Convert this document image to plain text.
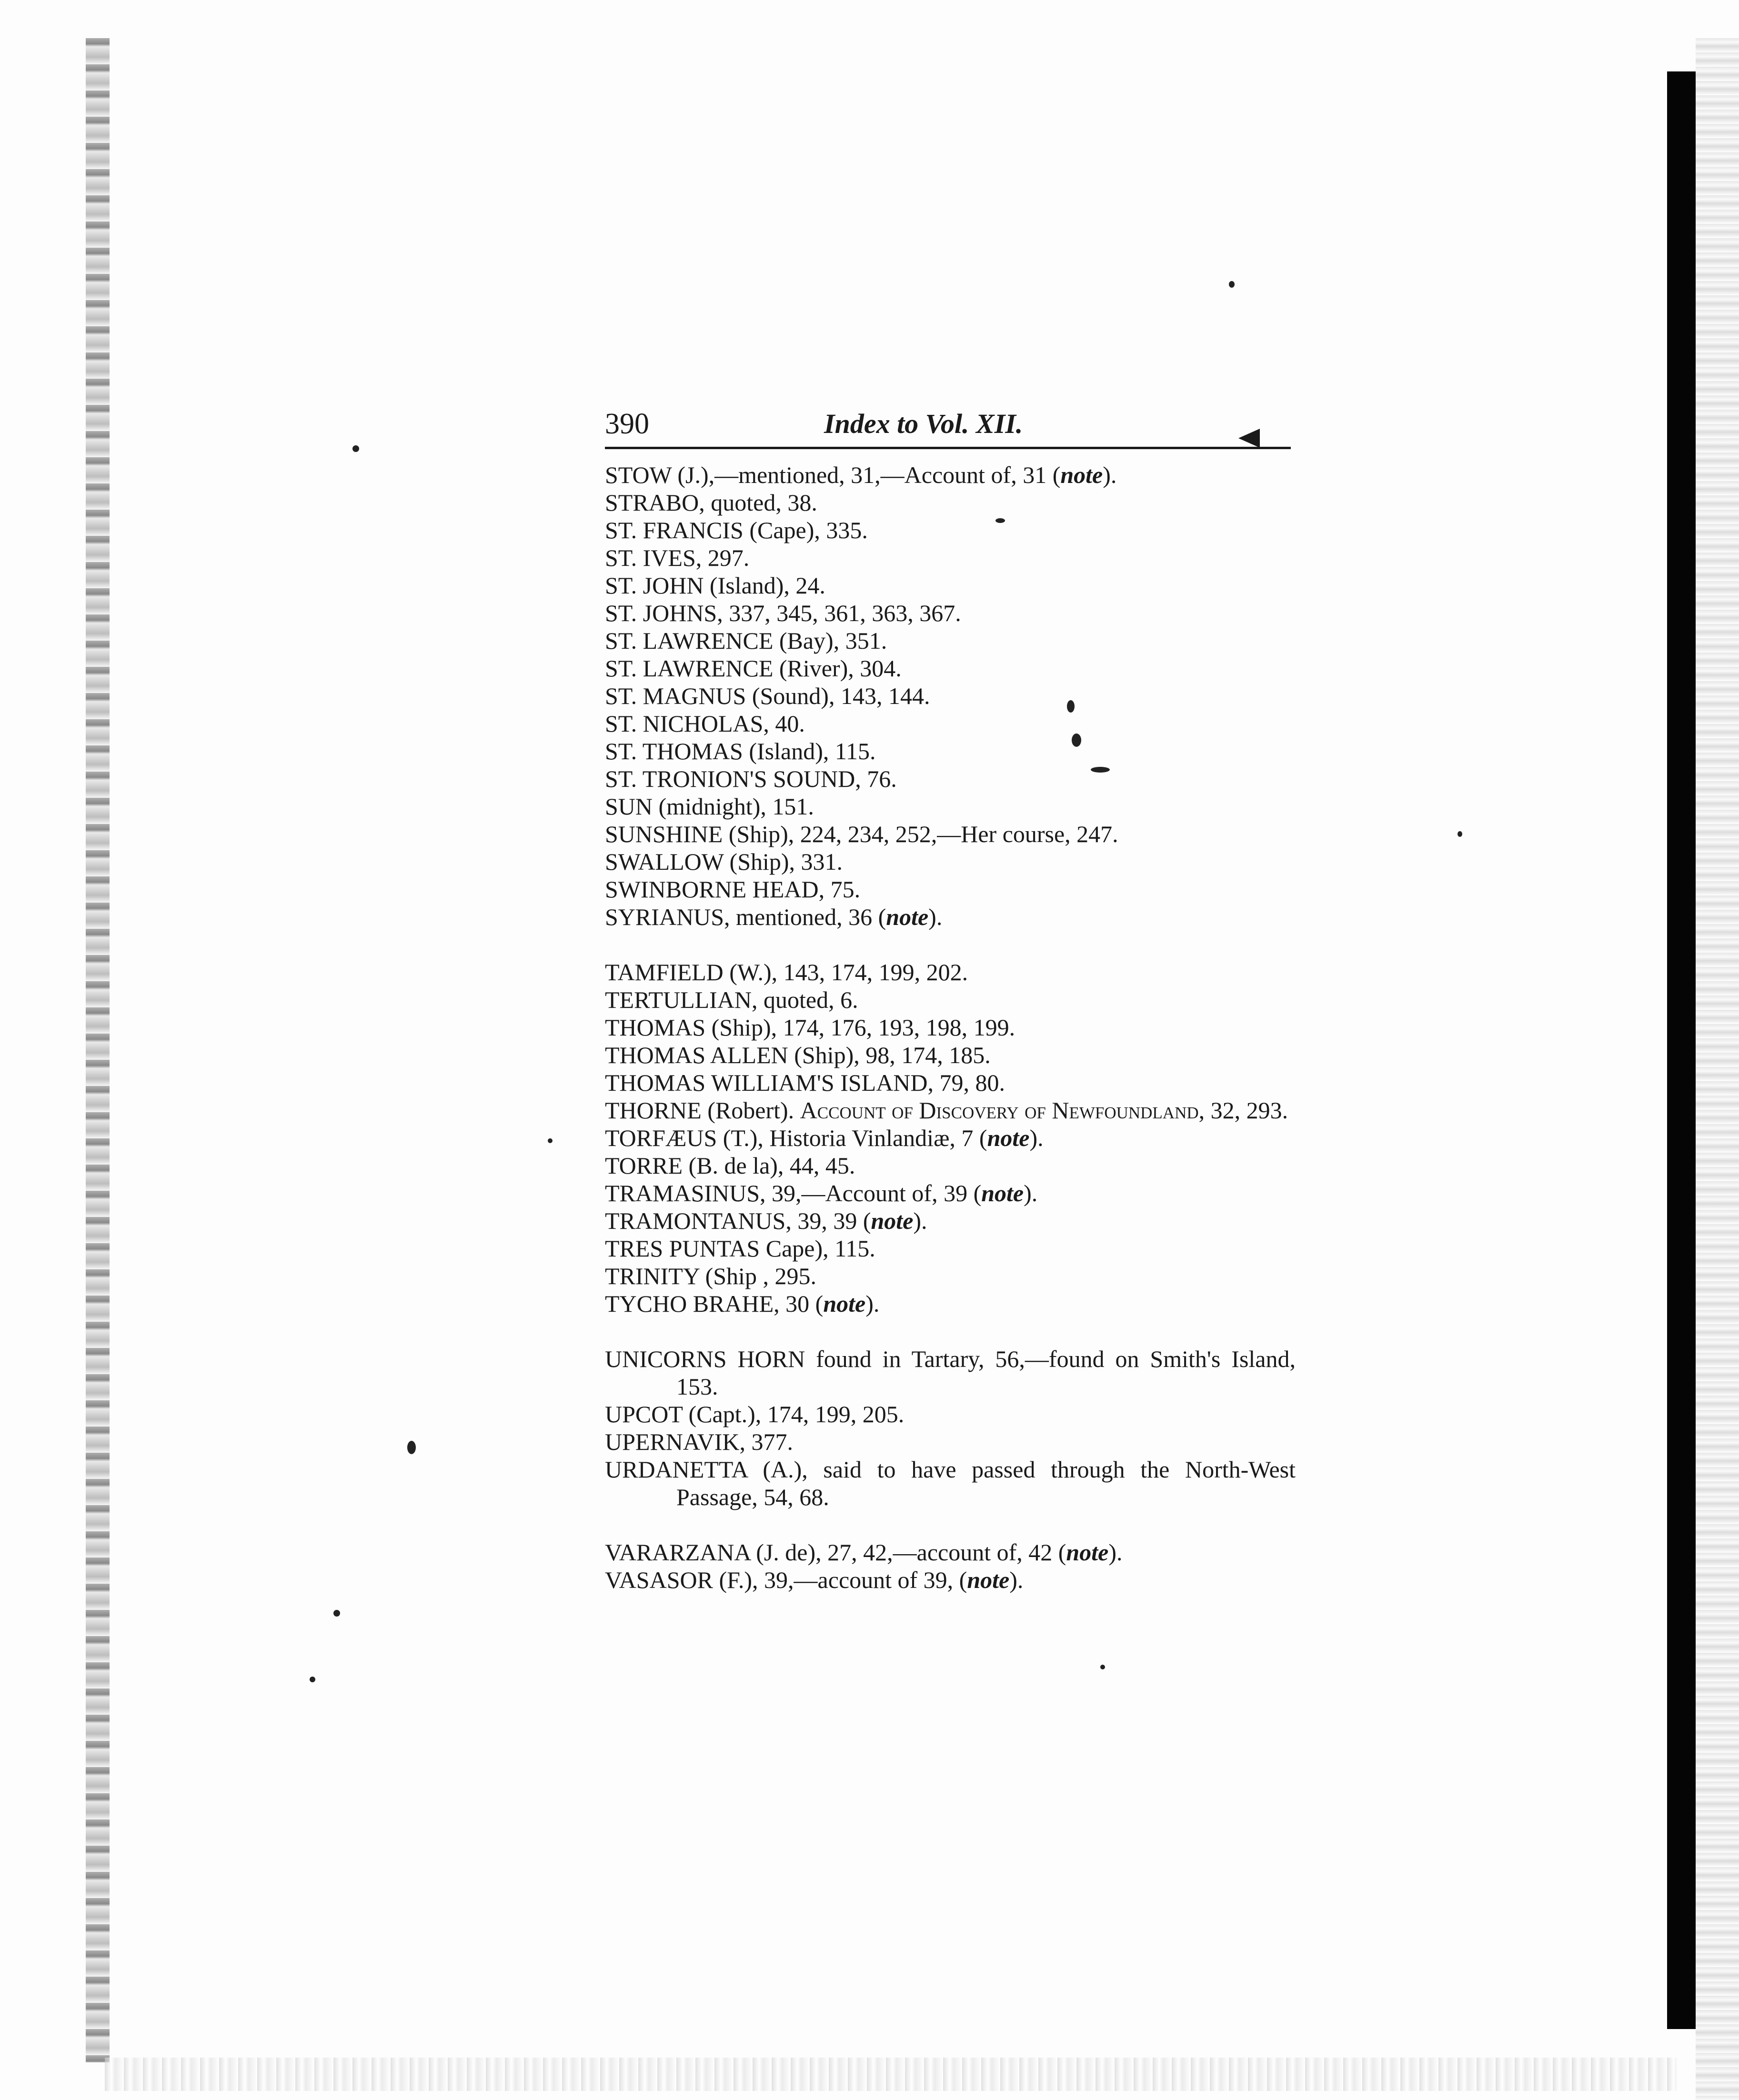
390	Index to Vol. XII.
STOW (J.),—mentioned, 31,—Account of, 31 (note).
STRABO, quoted, 38.
ST. FRANCIS (Cape), 335.
ST. IVES, 297.
ST. JOHN (Island), 24.
ST. JOHNS, 337, 345, 361, 363, 367.
ST. LAWRENCE (Bay), 351.
ST. LAWRENCE (River), 304.
ST. MAGNUS (Sound), 143, 144.
ST. NICHOLAS, 40.
ST. THOMAS (Island), 115.
ST. TRONION'S SOUND, 76.
SUN (midnight), 151.
SUNSHINE (Ship), 224, 234, 252,—Her course, 247.
SWALLOW (Ship), 331.
SWINBORNE HEAD, 75.
SYRIANUS, mentioned, 36 (note).
TAMFIELD (W.), 143, 174, 199, 202.
TERTULLIAN, quoted, 6.
THOMAS (Ship), 174, 176, 193, 198, 199.
THOMAS ALLEN (Ship), 98, 174, 185.
THOMAS WILLIAM'S ISLAND, 79, 80.
THORNE (Robert). Account of Discovery of Newfoundland, 32, 293.
TORFÆUS (T.), Historia Vinlandiæ, 7 (note).
TORRE (B. de la), 44, 45.
TRAMASINUS, 39,—Account of, 39 (note).
TRAMONTANUS, 39, 39 (note).
TRES PUNTAS Cape), 115.
TRINITY (Ship , 295.
TYCHO BRAHE, 30 (note).
UNICORNS HORN found in Tartary, 56,—found on Smith's Island, 153.
UPCOT (Capt.), 174, 199, 205.
UPERNAVIK, 377.
URDANETTA (A.), said to have passed through the North-West Passage, 54, 68.
VARARZANA (J. de), 27, 42,—account of, 42 (note).
VASASOR (F.), 39,—account of 39, (note).
